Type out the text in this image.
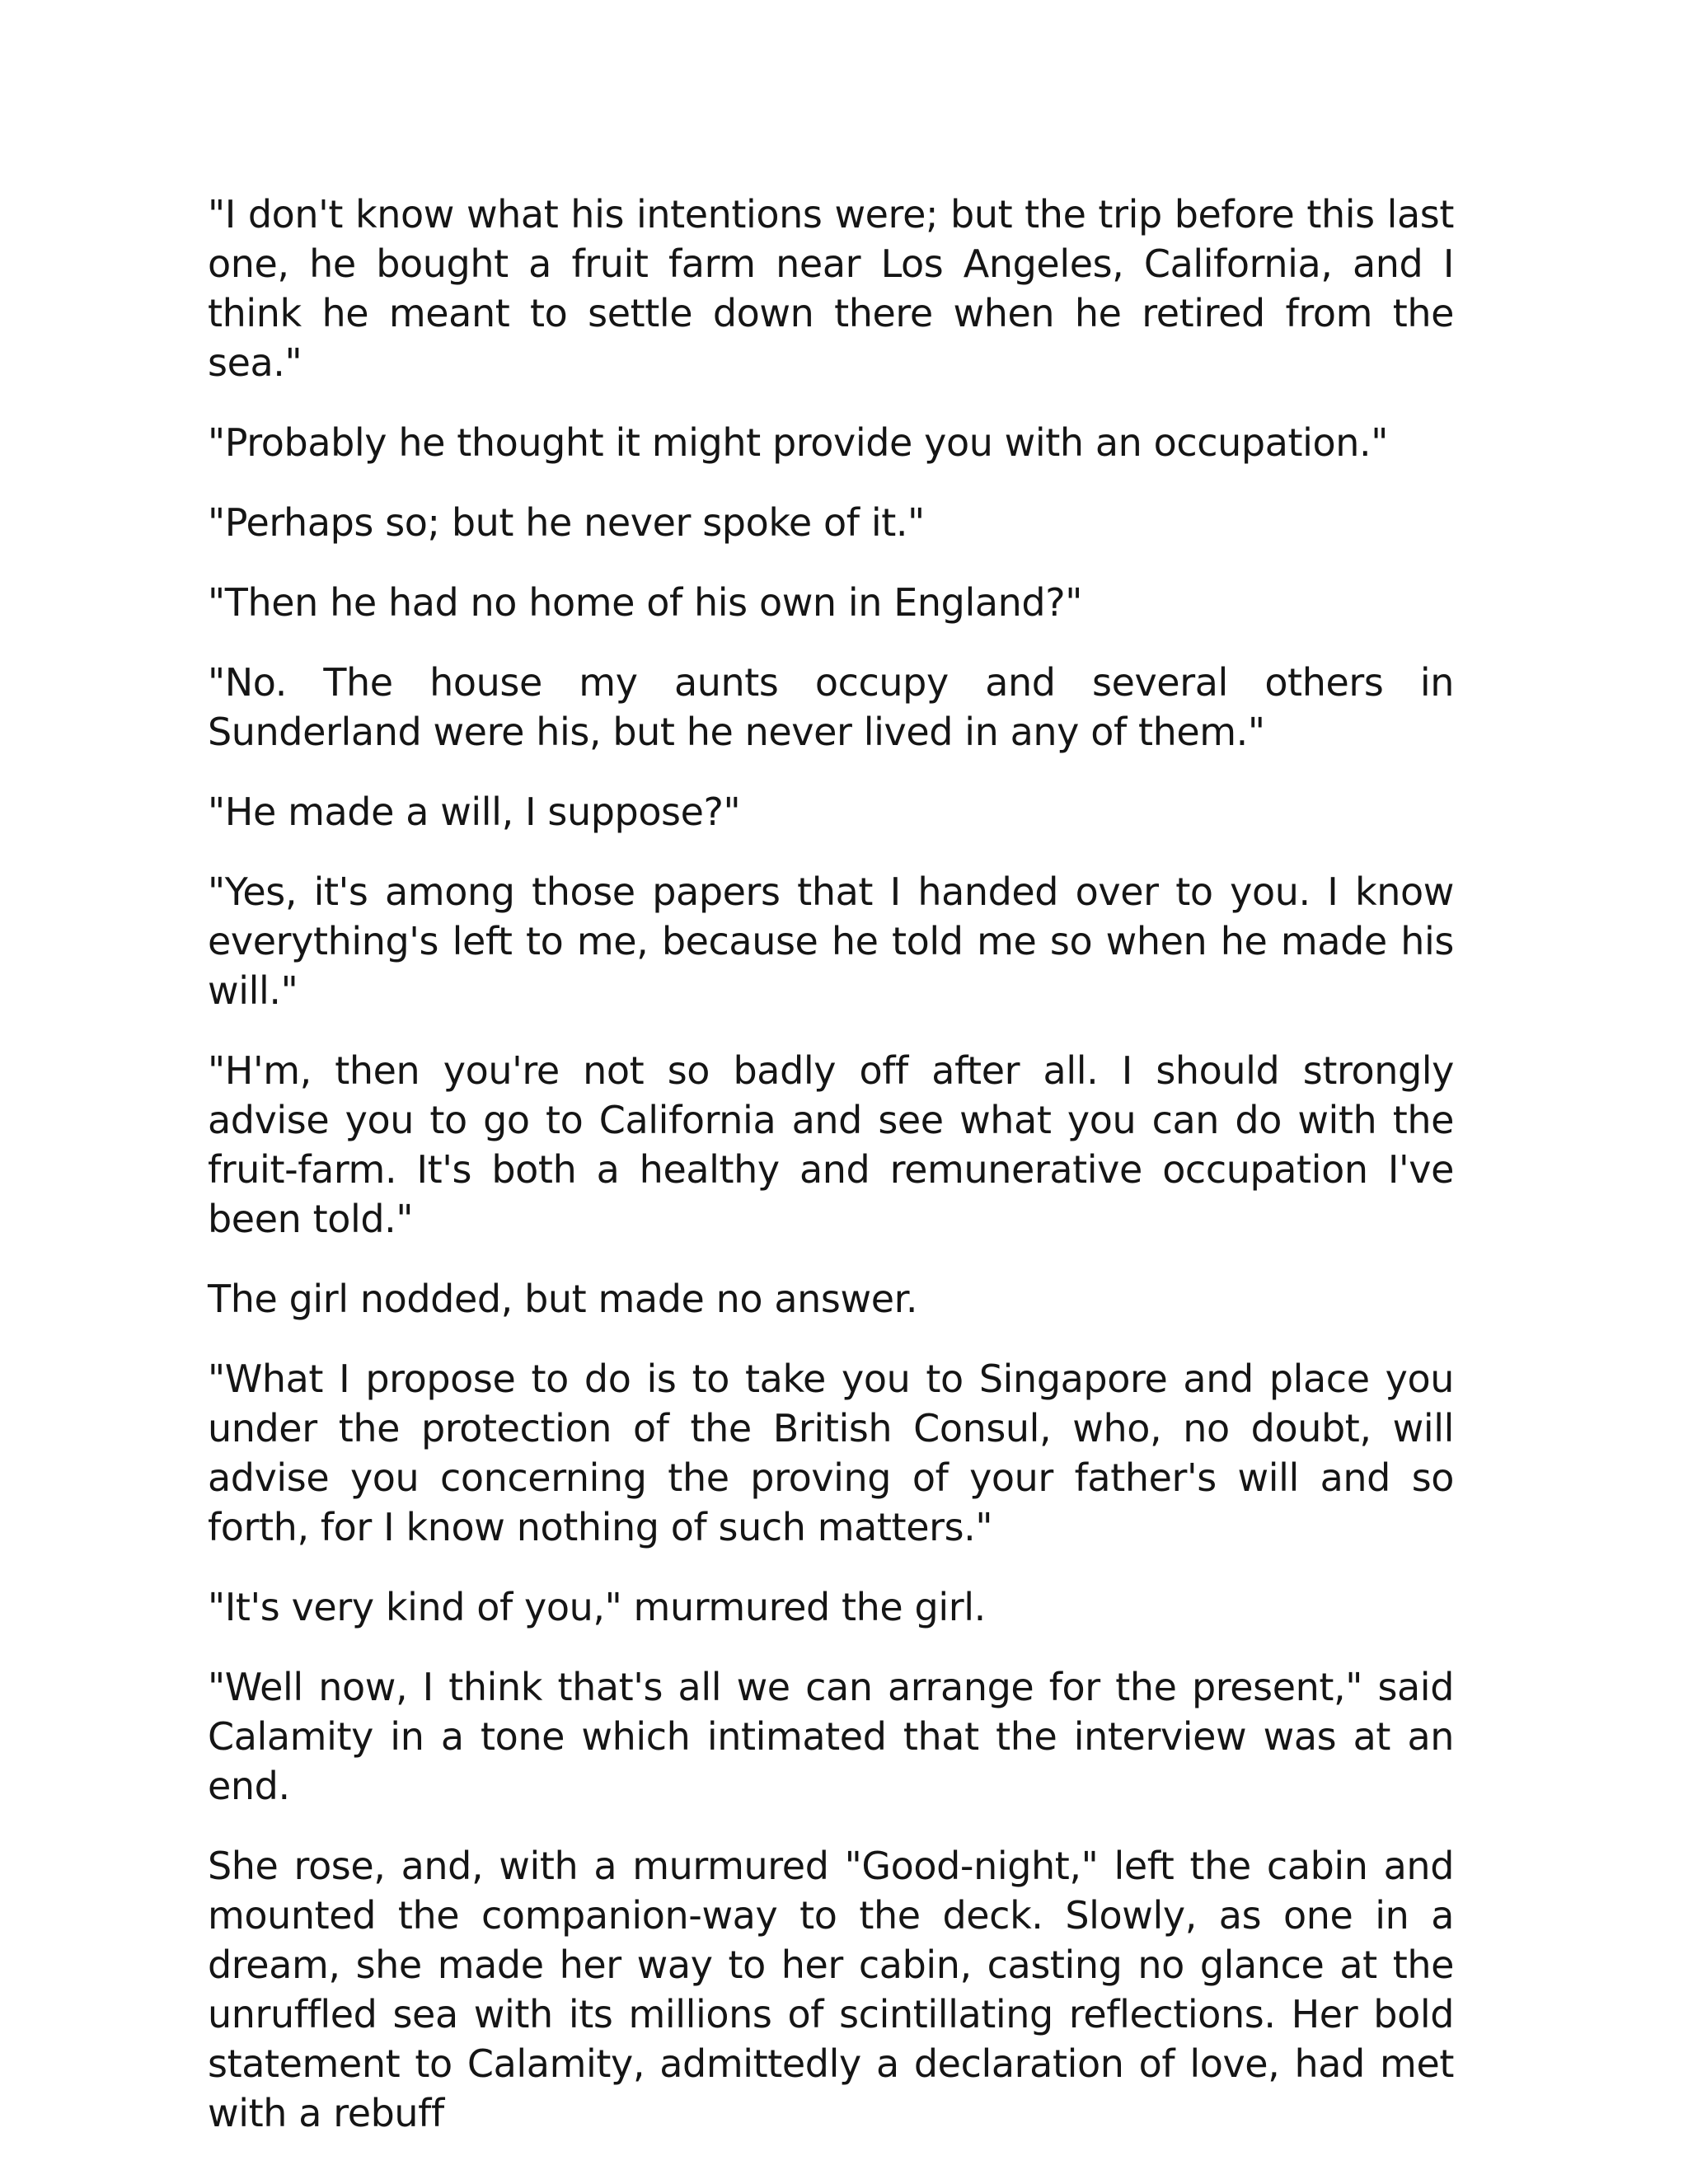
"I don't know what his intentions were; but the trip before this last one, he bought a fruit farm near Los Angeles, California, and I think he meant to settle down there when he retired from the sea."

"Probably he thought it might provide you with an occupation."

"Perhaps so; but he never spoke of it."

"Then he had no home of his own in England?"

"No. The house my aunts occupy and several others in Sunderland were his, but he never lived in any of them."

"He made a will, I suppose?"

"Yes, it's among those papers that I handed over to you. I know everything's left to me, because he told me so when he made his will."

"H'm, then you're not so badly off after all. I should strongly advise you to go to California and see what you can do with the fruit-farm. It's both a healthy and remunerative occupation I've been told."

The girl nodded, but made no answer.

"What I propose to do is to take you to Singapore and place you under the protection of the British Consul, who, no doubt, will advise you concerning the proving of your father's will and so forth, for I know nothing of such matters."

"It's very kind of you," murmured the girl.

"Well now, I think that's all we can arrange for the present," said Calamity in a tone which intimated that the interview was at an end.

She rose, and, with a murmured "Good-night," left the cabin and mounted the companion-way to the deck. Slowly, as one in a dream, she made her way to her cabin, casting no glance at the unruffled sea with its millions of scintillating reflections. Her bold statement to Calamity, admittedly a declaration of love, had met with a rebuff
